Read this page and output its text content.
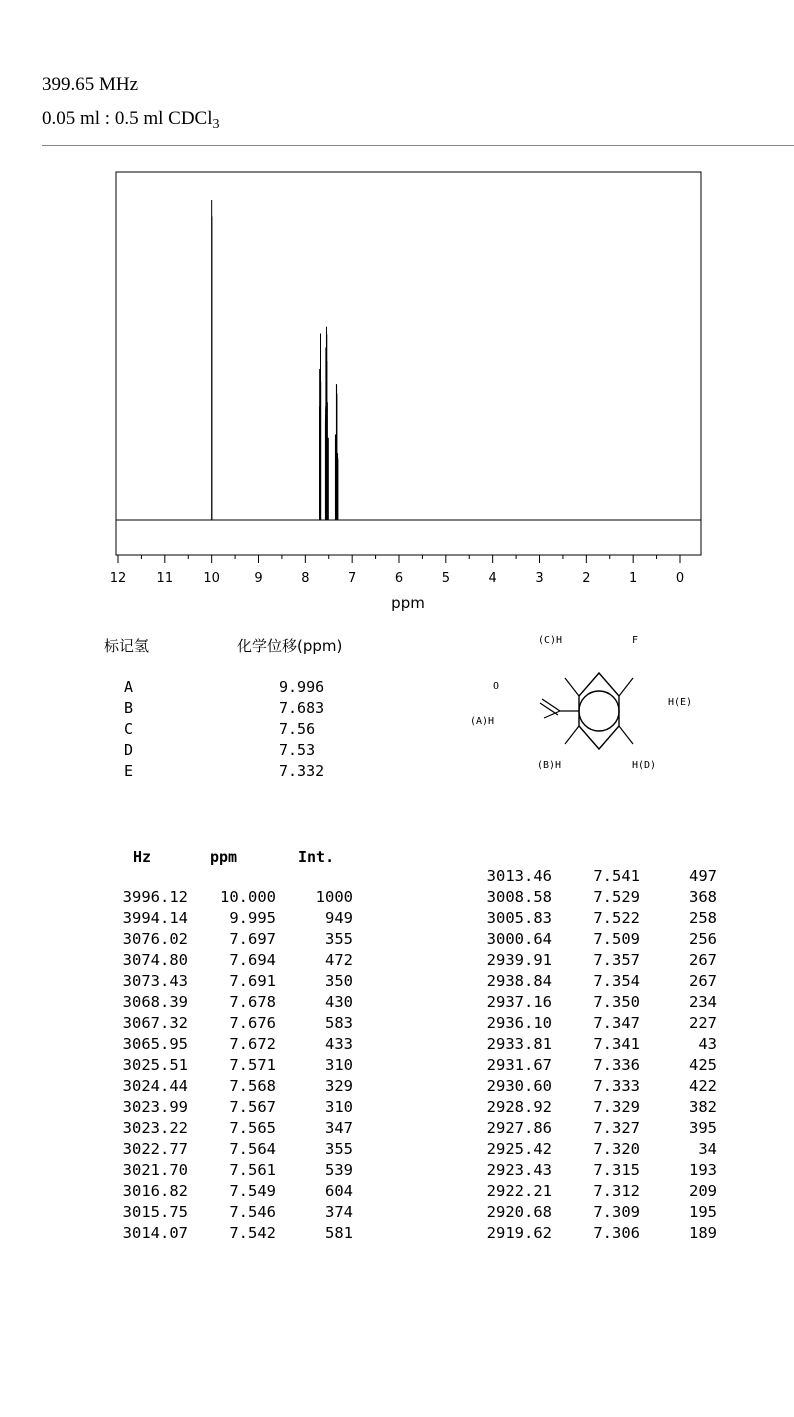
399.65 MHz
0.05 ml : 0.5 ml CDCl$_3$
12 11 10	9	8	7	6	5	4	3	2	1	0
ppm
标记氢	化学位移(ppm)
A	9.996
B	7.683
C	7.56
D	7.53
E	7.332
(C)H	F
O
(A)H
H(E)
(B)H	H(D)
Hz	ppm	Int.
3996.12 10.000	1000
3994.14	9.995	949
3076.02	7.697	355
3074.80	7.694	472
3073.43	7.691	350
3068.39	7.678	430
3067.32	7.676	583
3065.95	7.672	433
3025.51	7.571	310
3024.44	7.568	329
3023.99	7.567	310
3023.22	7.565	347
3022.77	7.564	355
3021.70	7.561	539
3016.82	7.549	604
3015.75	7.546	374
3014.07	7.542	581
3013.46	7.541	497
3008.58	7.529	368
3005.83	7.522	258
3000.64	7.509	256
2939.91	7.357	267
2938.84	7.354	267
2937.16	7.350	234
2936.10	7.347	227
2933.81	7.341	43
2931.67	7.336	425
2930.60	7.333	422
2928.92	7.329	382
2927.86	7.327	395
2925.42	7.320	34
2923.43	7.315	193
2922.21	7.312	209
2920.68	7.309	195
2919.62	7.306	189
